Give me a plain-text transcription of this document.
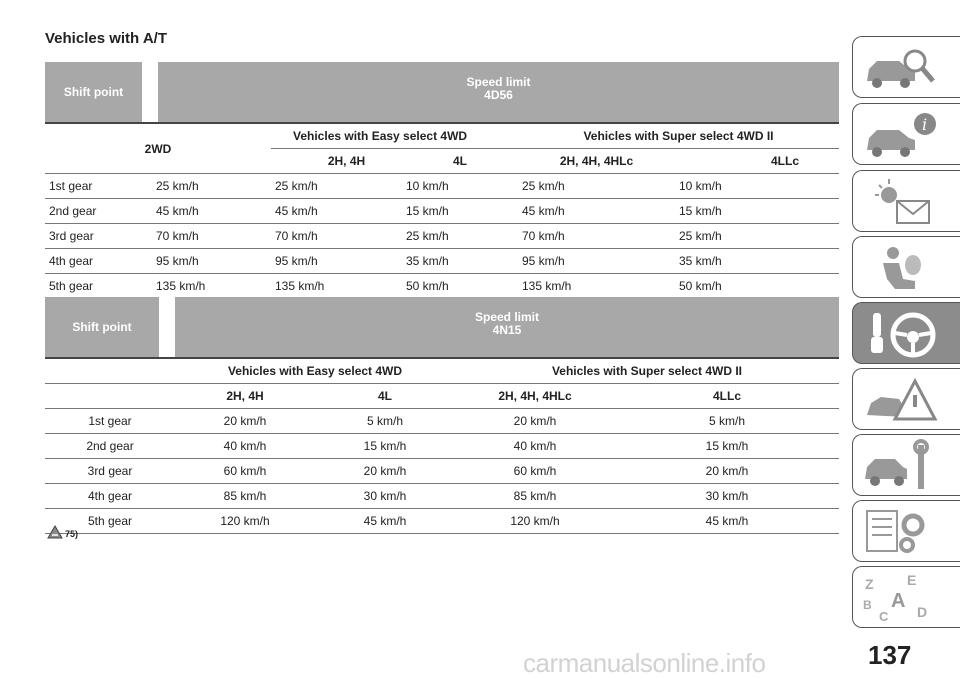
Vehicles with A/T
Shift point		Speed limit
4D56				

2WD			Vehicles with Easy select 4WD		Vehicles with Super select 4WD II	
			2H, 4H	4L	2H, 4H, 4HLc	4LLc
1st gear	25 km/h		25 km/h	10 km/h	25 km/h	10 km/h
2nd gear	45 km/h		45 km/h	15 km/h	45 km/h	15 km/h
3rd gear	70 km/h		70 km/h	25 km/h	70 km/h	25 km/h
4th gear	95 km/h		95 km/h	35 km/h	95 km/h	35 km/h
5th gear	135 km/h		135 km/h	50 km/h	135 km/h	50 km/h
Shift point		Speed limit
4N15			

		Vehicles with Easy select 4WD		Vehicles with Super select 4WD II	
		2H, 4H	4L	2H, 4H, 4HLc	4LLc
1st gear		20 km/h	5 km/h	20 km/h	5 km/h
2nd gear		40 km/h	15 km/h	40 km/h	15 km/h
3rd gear		60 km/h	20 km/h	60 km/h	20 km/h
4th gear		85 km/h	30 km/h	85 km/h	30 km/h
5th gear		120 km/h	45 km/h	120 km/h	45 km/h
75)
i
Z E
B A
C D
carmanualsonline.info	137
